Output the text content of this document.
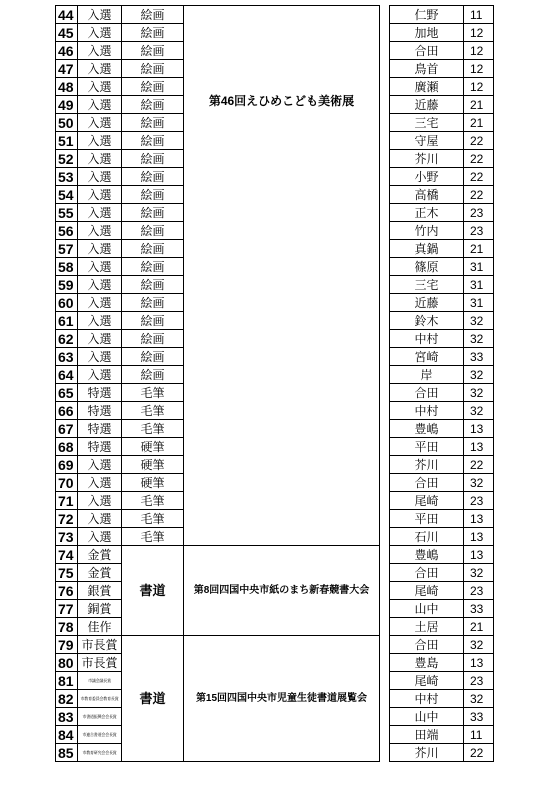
44	入選	絵画	第46回えひめこども美術展		仁野	11
45	入選	絵画			加地	12
46	入選	絵画			合田	12
47	入選	絵画			鳥首	12
48	入選	絵画			廣瀬	12
49	入選	絵画			近藤	21
50	入選	絵画			三宅	21
51	入選	絵画			守屋	22
52	入選	絵画			芥川	22
53	入選	絵画			小野	22
54	入選	絵画			高橋	22
55	入選	絵画			正木	23
56	入選	絵画			竹内	23
57	入選	絵画			真鍋	21
58	入選	絵画			篠原	31
59	入選	絵画			三宅	31
60	入選	絵画			近藤	31
61	入選	絵画			鈴木	32
62	入選	絵画			中村	32
63	入選	絵画			宮崎	33
64	入選	絵画			岸	32
65	特選	毛筆			合田	32
66	特選	毛筆			中村	32
67	特選	毛筆			豊嶋	13
68	特選	硬筆			平田	13
69	入選	硬筆			芥川	22
70	入選	硬筆			合田	32
71	入選	毛筆			尾崎	23
72	入選	毛筆			平田	13
73	入選	毛筆			石川	13
74	金賞	書道	第8回四国中央市紙のまち新春競書大会		豊嶋	13
75	金賞				合田	32
76	銀賞				尾崎	23
77	銅賞				山中	33
78	佳作				土居	21
79	市長賞	書道	第15回四国中央市児童生徒書道展覧会		合田	32
80	市長賞				豊島	13
81	市議会議長賞				尾崎	23
82	市教育委員会教育長賞				中村	32
83	市書道振興会会長賞				山中	33
84	市連合書道会会長賞				田端	11
85	市教育研究会会長賞				芥川	22
